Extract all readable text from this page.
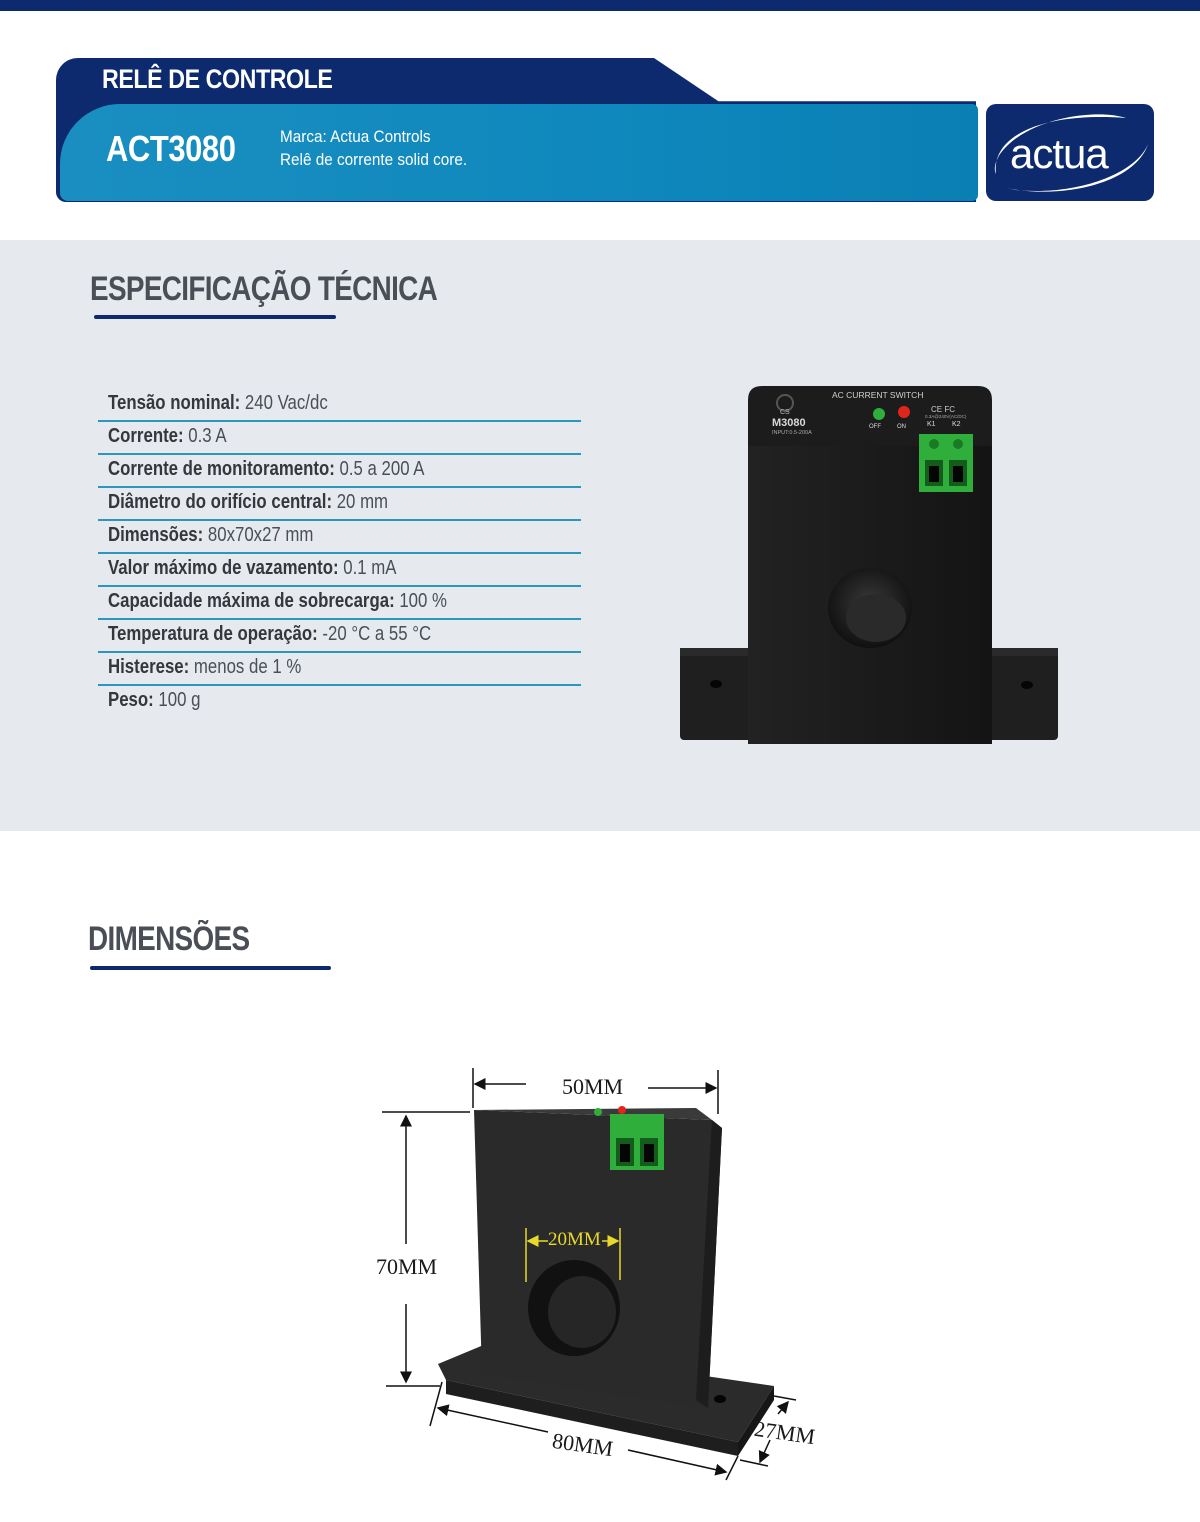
RELÊ DE CONTROLE
ACT3080	Marca: Actua Controls
Relê de corrente solid core.	actua
ESPECIFICAÇÃO TÉCNICA
Tensão nominal: 240 Vac/dc
Corrente: 0.3 A
Corrente de monitoramento: 0.5 a 200 A
Diâmetro do orifício central: 20 mm
Dimensões: 80x70x27 mm
Valor máximo de vazamento: 0.1 mA
Capacidade máxima de sobrecarga: 100 %
Temperatura de operação: -20 °C a 55 °C
Histerese: menos de 1 %
Peso: 100 g
CS
AC CURRENT SWITCH
M3080
INPUT:0.5-200A
OFF	ON
CE FC
0.3A@240V(AC/DC)
K1 K2
DIMENSÕES
50MM
70MM
20MM
80MM	27MM
